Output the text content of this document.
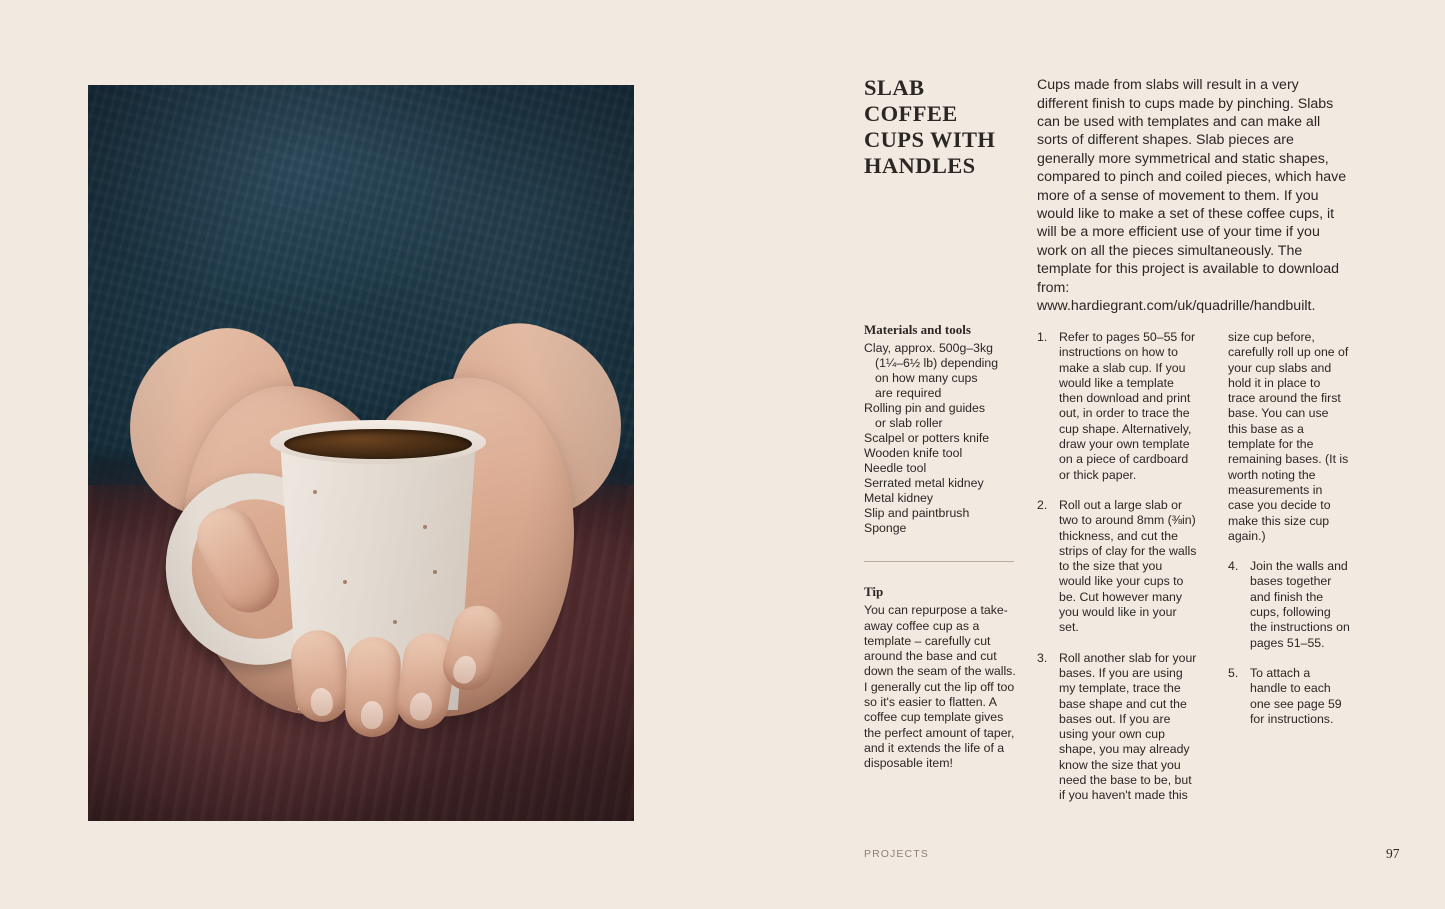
SLAB COFFEE CUPS WITH HANDLES

Cups made from slabs will result in a very different finish to cups made by pinching. Slabs can be used with templates and can make all sorts of different shapes. Slab pieces are generally more symmetrical and static shapes, compared to pinch and coiled pieces, which have more of a sense of movement to them. If you would like to make a set of these coffee cups, it will be a more efficient use of your time if you work on all the pieces simultaneously. The template for this project is available to download from: www.hardiegrant.com/uk/quadrille/handbuilt.

Materials and tools
Clay, approx. 500g–3kg
(1¼–6½ lb) depending
on how many cups
are required
Rolling pin and guides
or slab roller
Scalpel or potters knife
Wooden knife tool
Needle tool
Serrated metal kidney
Metal kidney
Slip and paintbrush
Sponge
Tip

You can repurpose a take-away coffee cup as a template – carefully cut around the base and cut down the seam of the walls. I generally cut the lip off too so it's easier to flatten. A coffee cup template gives the perfect amount of taper, and it extends the life of a disposable item!

1. Refer to pages 50–55 for instructions on how to make a slab cup. If you would like a template then download and print out, in order to trace the cup shape. Alternatively, draw your own template on a piece of cardboard or thick paper.
2. Roll out a large slab or two to around 8mm (⅜in) thickness, and cut the strips of clay for the walls to the size that you would like your cups to be. Cut however many you would like in your set.
3. Roll another slab for your bases. If you are using my template, trace the base shape and cut the bases out. If you are using your own cup shape, you may already know the size that you need the base to be, but if you haven't made this
size cup before, carefully roll up one of your cup slabs and hold it in place to trace around the first base. You can use this base as a template for the remaining bases. (It is worth noting the measurements in case you decide to make this size cup again.)
4. Join the walls and bases together and finish the cups, following the instructions on pages 51–55.
5. To attach a handle to each one see page 59 for instructions.
PROJECTS	97
